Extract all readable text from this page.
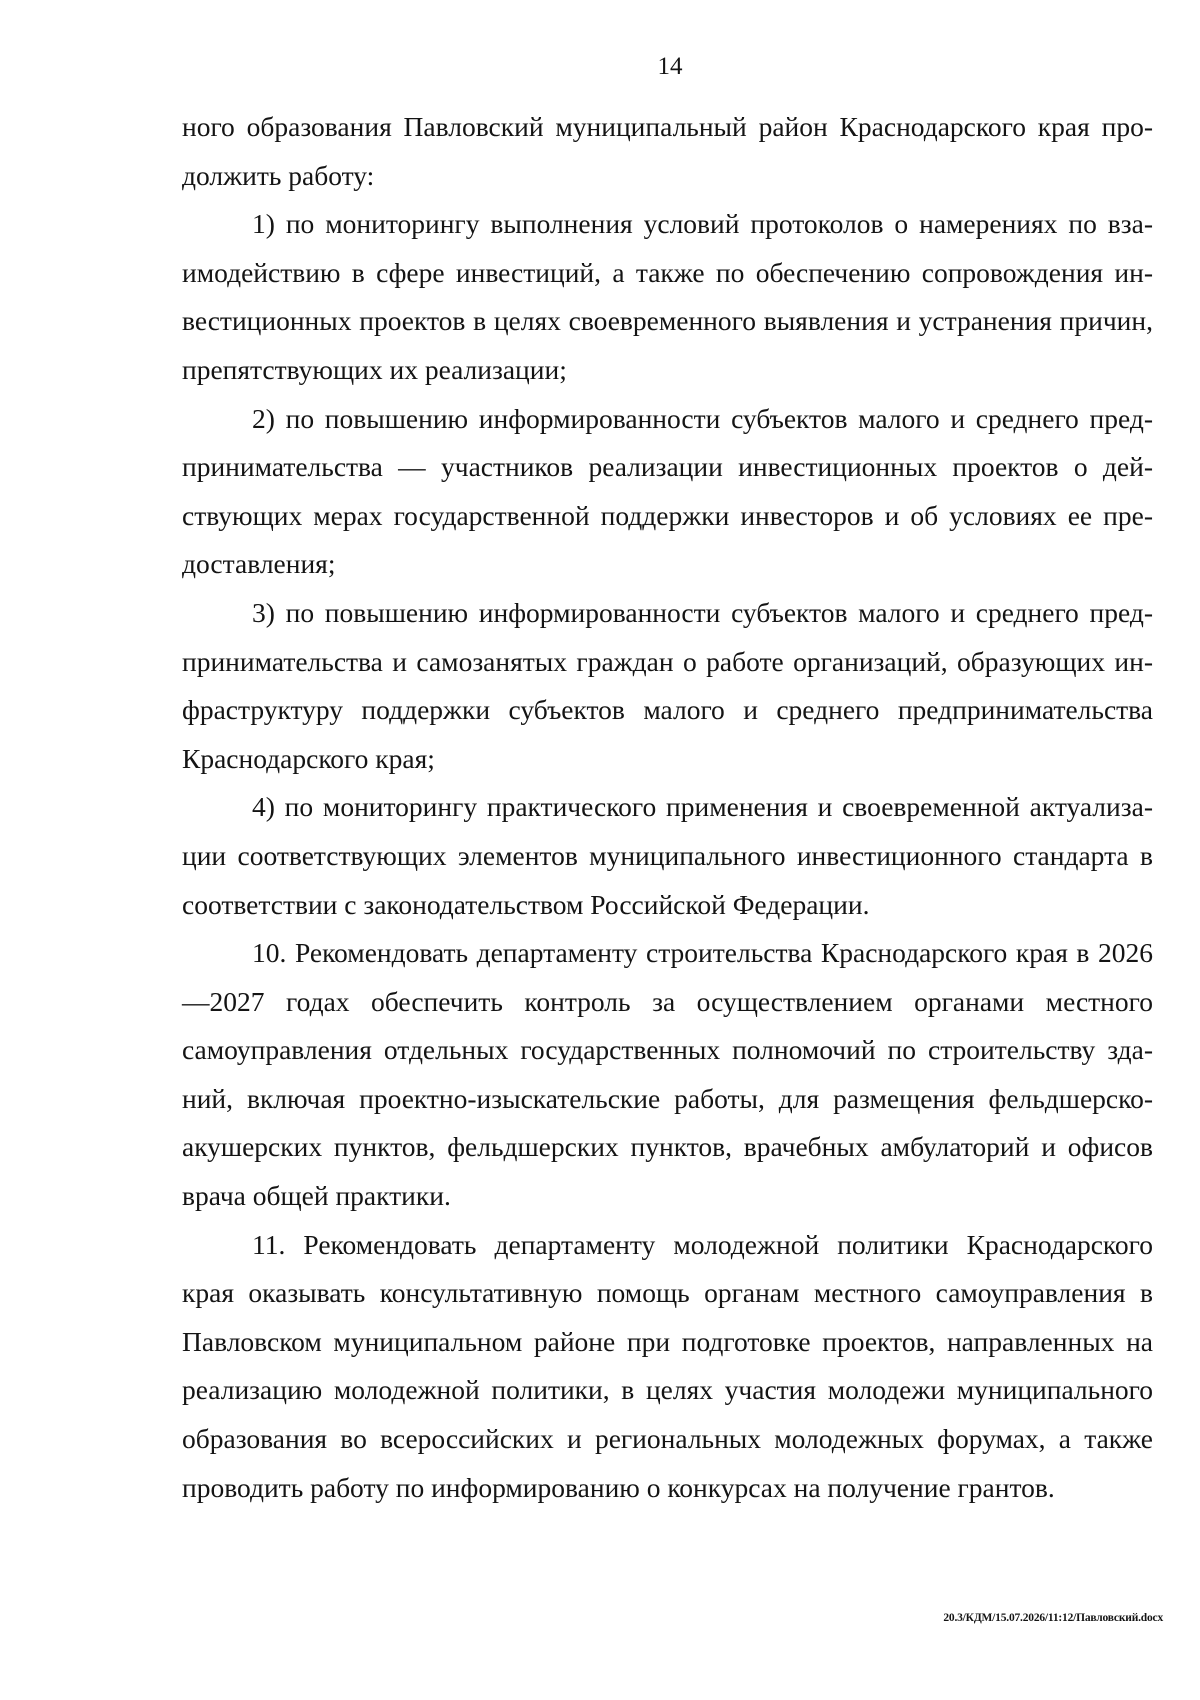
14

ного образования Павловский муниципальный район Краснодарского края продолжить работу:

1) по мониторингу выполнения условий протоколов о намерениях по взаимодействию в сфере инвестиций, а также по обеспечению сопровождения инвестиционных проектов в целях своевременного выявления и устранения причин, препятствующих их реализации;

2) по повышению информированности субъектов малого и среднего предпринимательства — участников реализации инвестиционных проектов о действующих мерах государственной поддержки инвесторов и об условиях ее предоставления;

3) по повышению информированности субъектов малого и среднего предпринимательства и самозанятых граждан о работе организаций, образующих инфраструктуру поддержки субъектов малого и среднего предпринимательства Краснодарского края;

4) по мониторингу практического применения и своевременной актуализации соответствующих элементов муниципального инвестиционного стандарта в соответствии с законодательством Российской Федерации.

10. Рекомендовать департаменту строительства Краснодарского края в 2026—2027 годах обеспечить контроль за осуществлением органами местного самоуправления отдельных государственных полномочий по строительству зданий, включая проектно-изыскательские работы, для размещения фельдшерско-акушерских пунктов, фельдшерских пунктов, врачебных амбулаторий и офисов врача общей практики.

11. Рекомендовать департаменту молодежной политики Краснодарского края оказывать консультативную помощь органам местного самоуправления в Павловском муниципальном районе при подготовке проектов, направленных на реализацию молодежной политики, в целях участия молодежи муниципального образования во всероссийских и региональных молодежных форумах, а также проводить работу по информированию о конкурсах на получение грантов.

20.3/КДМ/15.07.2026/11:12/Павловский.docx
